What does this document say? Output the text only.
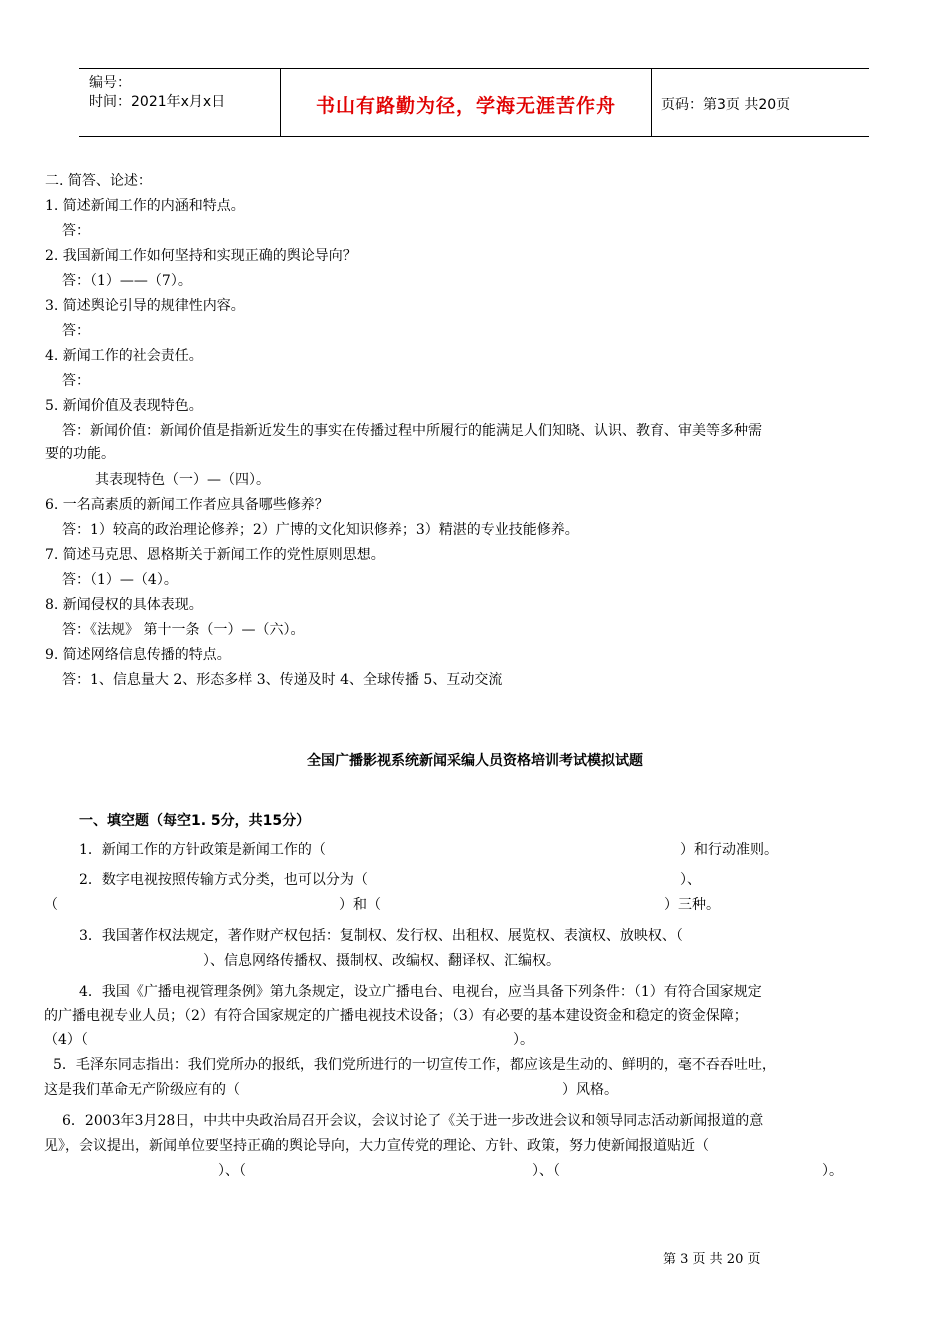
编号：
时间：2021年x月x日	书山有路勤为径，学海无涯苦作舟	页码：第3页 共20页
二. 简答、论述：
1. 简述新闻工作的内涵和特点。
答：
2. 我国新闻工作如何坚持和实现正确的舆论导向？
答：（1）——（7）。
3. 简述舆论引导的规律性内容。
答：
4. 新闻工作的社会责任。
答：
5. 新闻价值及表现特色。
答：新闻价值：新闻价值是指新近发生的事实在传播过程中所履行的能满足人们知晓、认识、教育、审美等多种需
要的功能。
其表现特色（一）—（四）。
6. 一名高素质的新闻工作者应具备哪些修养？
答：1）较高的政治理论修养；2）广博的文化知识修养；3）精湛的专业技能修养。
7. 简述马克思、恩格斯关于新闻工作的党性原则思想。
答：（1）—（4）。
8. 新闻侵权的具体表现。
答：《法规》 第十一条（一）—（六）。
9. 简述网络信息传播的特点。
答：1、信息量大 2、形态多样 3、传递及时 4、全球传播 5、互动交流
全国广播影视系统新闻采编人员资格培训考试模拟试题
一、填空题（每空1. 5分，共15分）
1．新闻工作的方针政策是新闻工作的（	）和行动准则。
2．数字电视按照传输方式分类，也可以分为（	）、
（	）和（	）三种。
3．我国著作权法规定，著作财产权包括：复制权、发行权、出租权、展览权、表演权、放映权、（
）、信息网络传播权、摄制权、改编权、翻译权、汇编权。
4．我国《广播电视管理条例》第九条规定，设立广播电台、电视台，应当具备下列条件：（1）有符合国家规定
的广播电视专业人员；（2）有符合国家规定的广播电视技术设备；（3）有必要的基本建设资金和稳定的资金保障；
（4）（	）。
5．毛泽东同志指出：我们党所办的报纸，我们党所进行的一切宣传工作，都应该是生动的、鲜明的，毫不吞吞吐吐，
这是我们革命无产阶级应有的（	）风格。
6．2003年3月28日，中共中央政治局召开会议，会议讨论了《关于进一步改进会议和领导同志活动新闻报道的意
见》，会议提出，新闻单位要坚持正确的舆论导向，大力宣传党的理论、方针、政策，努力使新闻报道贴近（
）、（	）、（	）。
第 3 页 共 20 页
